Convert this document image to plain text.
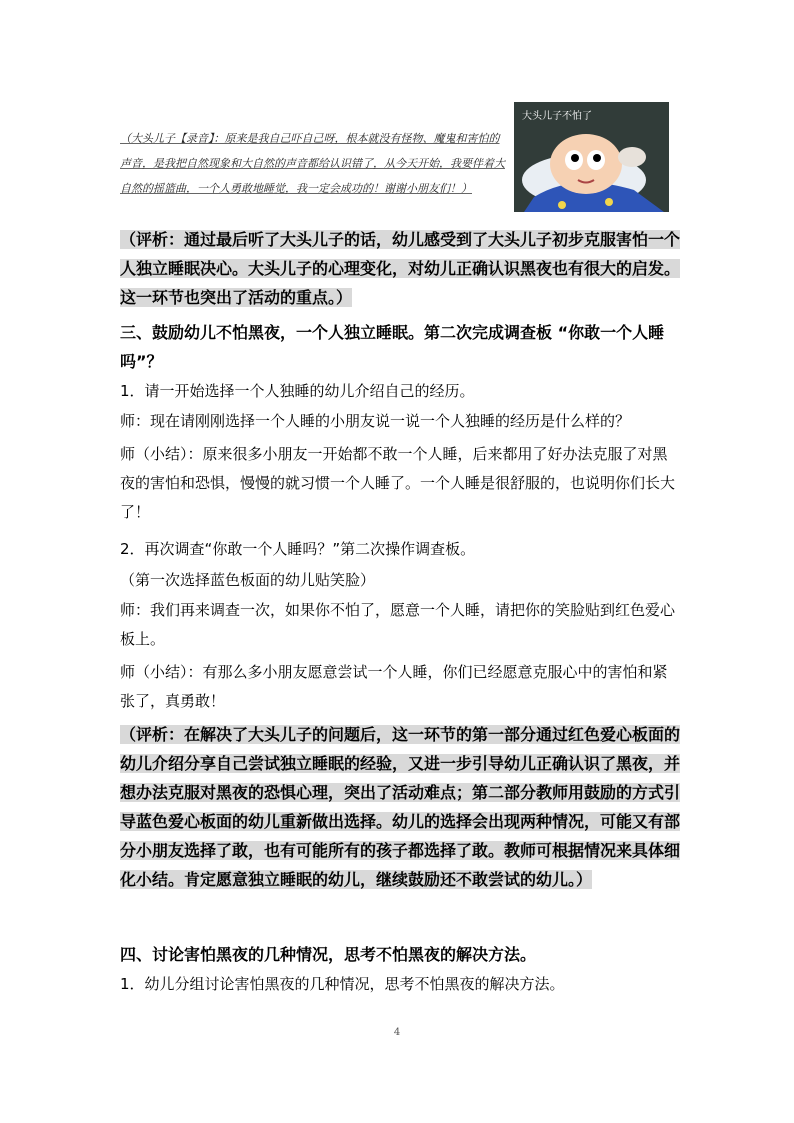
（大头儿子【录音】：原来是我自己吓自己呀，根本就没有怪物、魔鬼和害怕的声音，是我把自然现象和大自然的声音都给认识错了，从今天开始，我要伴着大自然的摇篮曲，一个人勇敢地睡觉，我一定会成功的！谢谢小朋友们！）
大头儿子不怕了
（评析：通过最后听了大头儿子的话，幼儿感受到了大头儿子初步克服害怕一个人独立睡眠决心。大头儿子的心理变化，对幼儿正确认识黑夜也有很大的启发。这一环节也突出了活动的重点。）
三、鼓励幼儿不怕黑夜，一个人独立睡眠。第二次完成调查板 “你敢一个人睡吗”？
1．请一开始选择一个人独睡的幼儿介绍自己的经历。
师：现在请刚刚选择一个人睡的小朋友说一说一个人独睡的经历是什么样的？
师（小结）：原来很多小朋友一开始都不敢一个人睡，后来都用了好办法克服了对黑夜的害怕和恐惧，慢慢的就习惯一个人睡了。一个人睡是很舒服的，也说明你们长大了！
2．再次调查“你敢一个人睡吗？”第二次操作调查板。
（第一次选择蓝色板面的幼儿贴笑脸）
师：我们再来调查一次，如果你不怕了，愿意一个人睡，请把你的笑脸贴到红色爱心板上。
师（小结）：有那么多小朋友愿意尝试一个人睡，你们已经愿意克服心中的害怕和紧张了，真勇敢！
（评析：在解决了大头儿子的问题后，这一环节的第一部分通过红色爱心板面的幼儿介绍分享自己尝试独立睡眠的经验，又进一步引导幼儿正确认识了黑夜，并想办法克服对黑夜的恐惧心理，突出了活动难点；第二部分教师用鼓励的方式引导蓝色爱心板面的幼儿重新做出选择。幼儿的选择会出现两种情况，可能又有部分小朋友选择了敢，也有可能所有的孩子都选择了敢。教师可根据情况来具体细化小结。肯定愿意独立睡眠的幼儿，继续鼓励还不敢尝试的幼儿。）
四、讨论害怕黑夜的几种情况，思考不怕黑夜的解决方法。
1．幼儿分组讨论害怕黑夜的几种情况，思考不怕黑夜的解决方法。
4
